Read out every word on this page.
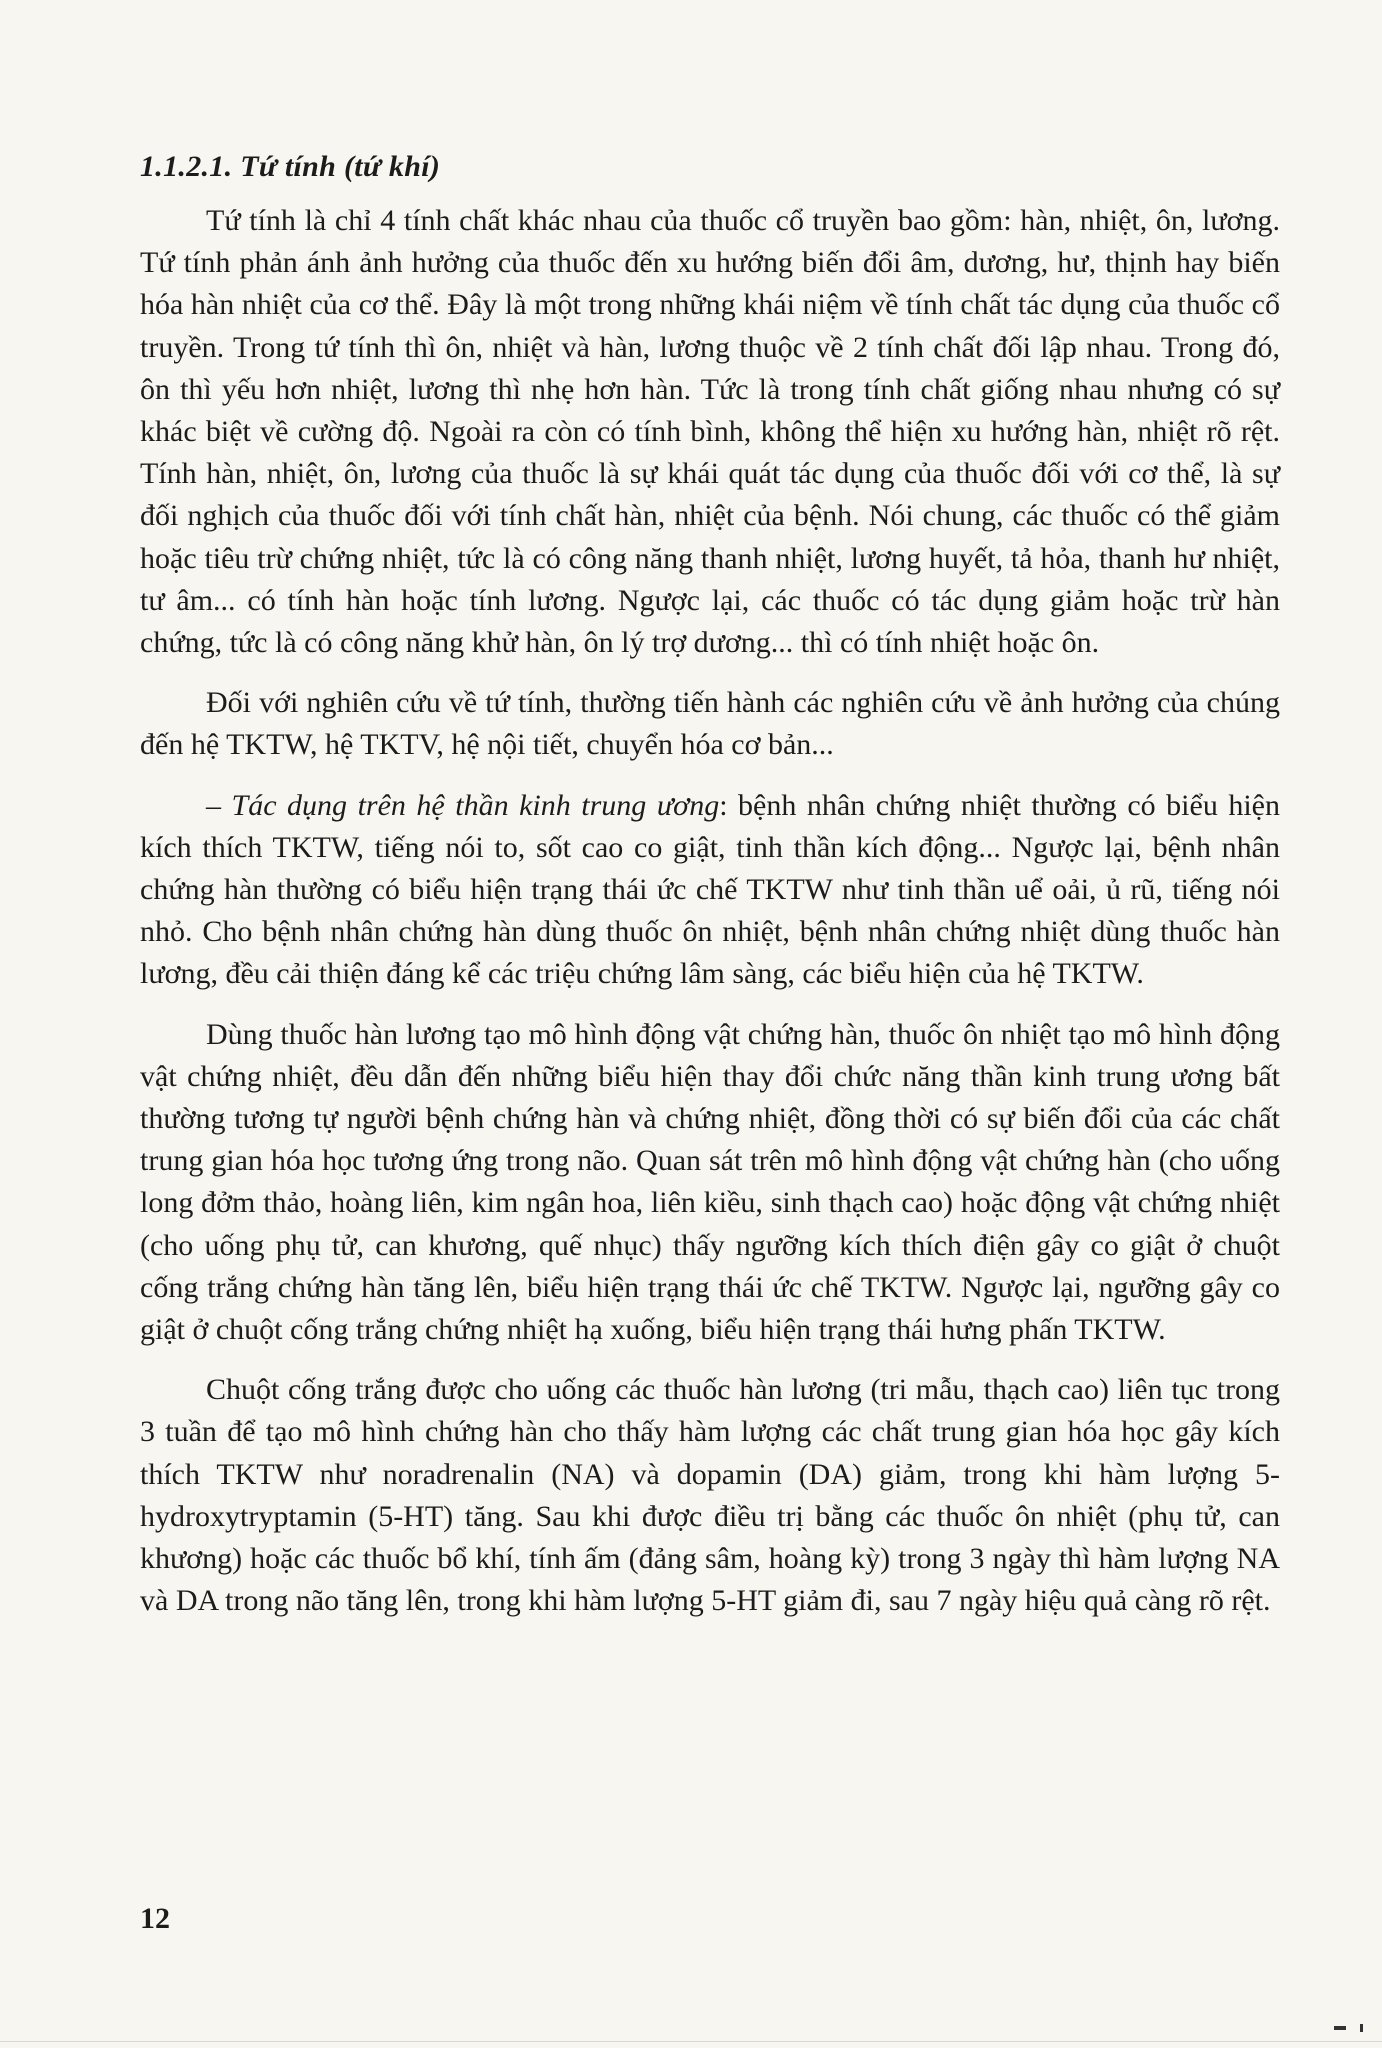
1.1.2.1. Tứ tính (tứ khí)

Tứ tính là chỉ 4 tính chất khác nhau của thuốc cổ truyền bao gồm: hàn, nhiệt, ôn, lương. Tứ tính phản ánh ảnh hưởng của thuốc đến xu hướng biến đổi âm, dương, hư, thịnh hay biến hóa hàn nhiệt của cơ thể. Đây là một trong những khái niệm về tính chất tác dụng của thuốc cổ truyền. Trong tứ tính thì ôn, nhiệt và hàn, lương thuộc về 2 tính chất đối lập nhau. Trong đó, ôn thì yếu hơn nhiệt, lương thì nhẹ hơn hàn. Tức là trong tính chất giống nhau nhưng có sự khác biệt về cường độ. Ngoài ra còn có tính bình, không thể hiện xu hướng hàn, nhiệt rõ rệt. Tính hàn, nhiệt, ôn, lương của thuốc là sự khái quát tác dụng của thuốc đối với cơ thể, là sự đối nghịch của thuốc đối với tính chất hàn, nhiệt của bệnh. Nói chung, các thuốc có thể giảm hoặc tiêu trừ chứng nhiệt, tức là có công năng thanh nhiệt, lương huyết, tả hỏa, thanh hư nhiệt, tư âm... có tính hàn hoặc tính lương. Ngược lại, các thuốc có tác dụng giảm hoặc trừ hàn chứng, tức là có công năng khử hàn, ôn lý trợ dương... thì có tính nhiệt hoặc ôn.

Đối với nghiên cứu về tứ tính, thường tiến hành các nghiên cứu về ảnh hưởng của chúng đến hệ TKTW, hệ TKTV, hệ nội tiết, chuyển hóa cơ bản...

– Tác dụng trên hệ thần kinh trung ương: bệnh nhân chứng nhiệt thường có biểu hiện kích thích TKTW, tiếng nói to, sốt cao co giật, tinh thần kích động... Ngược lại, bệnh nhân chứng hàn thường có biểu hiện trạng thái ức chế TKTW như tinh thần uể oải, ủ rũ, tiếng nói nhỏ. Cho bệnh nhân chứng hàn dùng thuốc ôn nhiệt, bệnh nhân chứng nhiệt dùng thuốc hàn lương, đều cải thiện đáng kể các triệu chứng lâm sàng, các biểu hiện của hệ TKTW.

Dùng thuốc hàn lương tạo mô hình động vật chứng hàn, thuốc ôn nhiệt tạo mô hình động vật chứng nhiệt, đều dẫn đến những biểu hiện thay đổi chức năng thần kinh trung ương bất thường tương tự người bệnh chứng hàn và chứng nhiệt, đồng thời có sự biến đổi của các chất trung gian hóa học tương ứng trong não. Quan sát trên mô hình động vật chứng hàn (cho uống long đởm thảo, hoàng liên, kim ngân hoa, liên kiều, sinh thạch cao) hoặc động vật chứng nhiệt (cho uống phụ tử, can khương, quế nhục) thấy ngưỡng kích thích điện gây co giật ở chuột cống trắng chứng hàn tăng lên, biểu hiện trạng thái ức chế TKTW. Ngược lại, ngưỡng gây co giật ở chuột cống trắng chứng nhiệt hạ xuống, biểu hiện trạng thái hưng phấn TKTW.

Chuột cống trắng được cho uống các thuốc hàn lương (tri mẫu, thạch cao) liên tục trong 3 tuần để tạo mô hình chứng hàn cho thấy hàm lượng các chất trung gian hóa học gây kích thích TKTW như noradrenalin (NA) và dopamin (DA) giảm, trong khi hàm lượng 5-hydroxytryptamin (5-HT) tăng. Sau khi được điều trị bằng các thuốc ôn nhiệt (phụ tử, can khương) hoặc các thuốc bổ khí, tính ấm (đảng sâm, hoàng kỳ) trong 3 ngày thì hàm lượng NA và DA trong não tăng lên, trong khi hàm lượng 5-HT giảm đi, sau 7 ngày hiệu quả càng rõ rệt.

12
